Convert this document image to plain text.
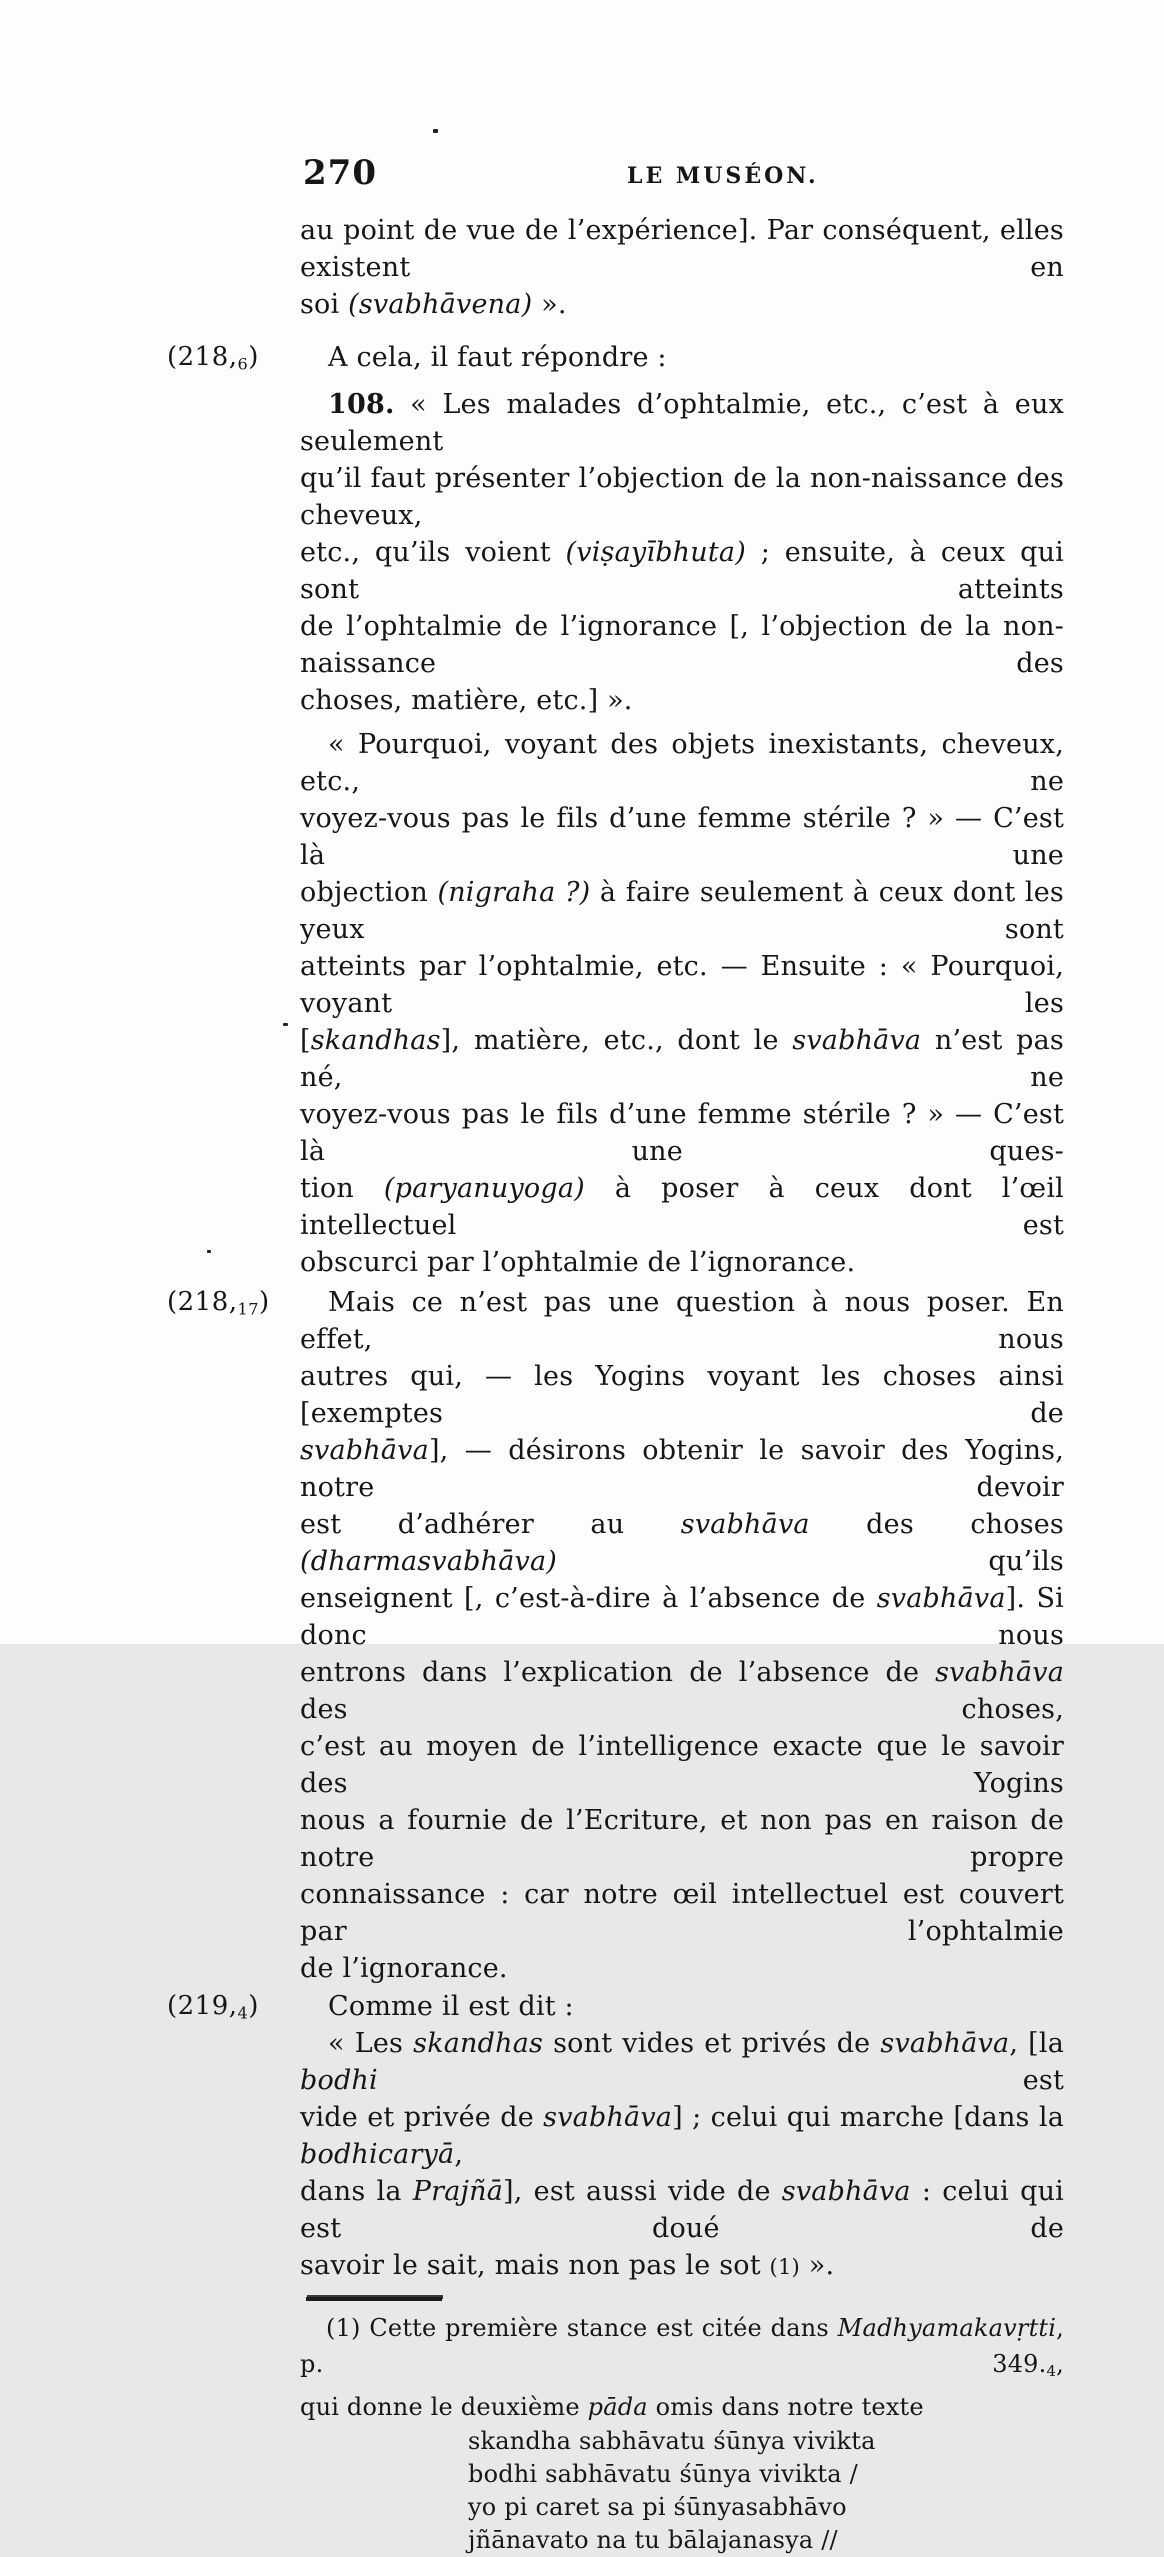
270	LE MUSÉON.
au point de vue de l’expérience]. Par conséquent, elles existent en
soi (svabhāvena) ».
(218,6)	A cela, il faut répondre :
108. « Les malades d’ophtalmie, etc., c’est à eux seulement
qu’il faut présenter l’objection de la non-naissance des cheveux,
etc., qu’ils voient (viṣayībhuta) ; ensuite, à ceux qui sont atteints
de l’ophtalmie de l’ignorance [, l’objection de la non-naissance des
choses, matière, etc.] ».
« Pourquoi, voyant des objets inexistants, cheveux, etc., ne
voyez-vous pas le fils d’une femme stérile ? » — C’est là une
objection (nigraha ?) à faire seulement à ceux dont les yeux sont
atteints par l’ophtalmie, etc. — Ensuite : « Pourquoi, voyant les
[skandhas], matière, etc., dont le svabhāva n’est pas né, ne
voyez-vous pas le fils d’une femme stérile ? » — C’est là une ques-
tion (paryanuyoga) à poser à ceux dont l’œil intellectuel est
obscurci par l’ophtalmie de l’ignorance.
(218,17)	Mais ce n’est pas une question à nous poser. En effet, nous
autres qui, — les Yogins voyant les choses ainsi [exemptes de
svabhāva], — désirons obtenir le savoir des Yogins, notre devoir
est d’adhérer au svabhāva des choses (dharmasvabhāva) qu’ils
enseignent [, c’est-à-dire à l’absence de svabhāva]. Si donc nous
entrons dans l’explication de l’absence de svabhāva des choses,
c’est au moyen de l’intelligence exacte que le savoir des Yogins
nous a fournie de l’Ecriture, et non pas en raison de notre propre
connaissance : car notre œil intellectuel est couvert par l’ophtalmie
de l’ignorance.
(219,4)	Comme il est dit :
« Les skandhas sont vides et privés de svabhāva, [la bodhi est
vide et privée de svabhāva] ; celui qui marche [dans la bodhicaryā,
dans la Prajñā], est aussi vide de svabhāva : celui qui est doué de
savoir le sait, mais non pas le sot (1) ».
(1) Cette première stance est citée dans Madhyamakavṛtti, p. 349.4,
qui donne le deuxième pāda omis dans notre texte
skandha sabhāvatu śūnya vivikta
bodhi sabhāvatu śūnya vivikta /
yo pi caret sa pi śūnyasabhāvo
jñānavato na tu bālajanasya //
